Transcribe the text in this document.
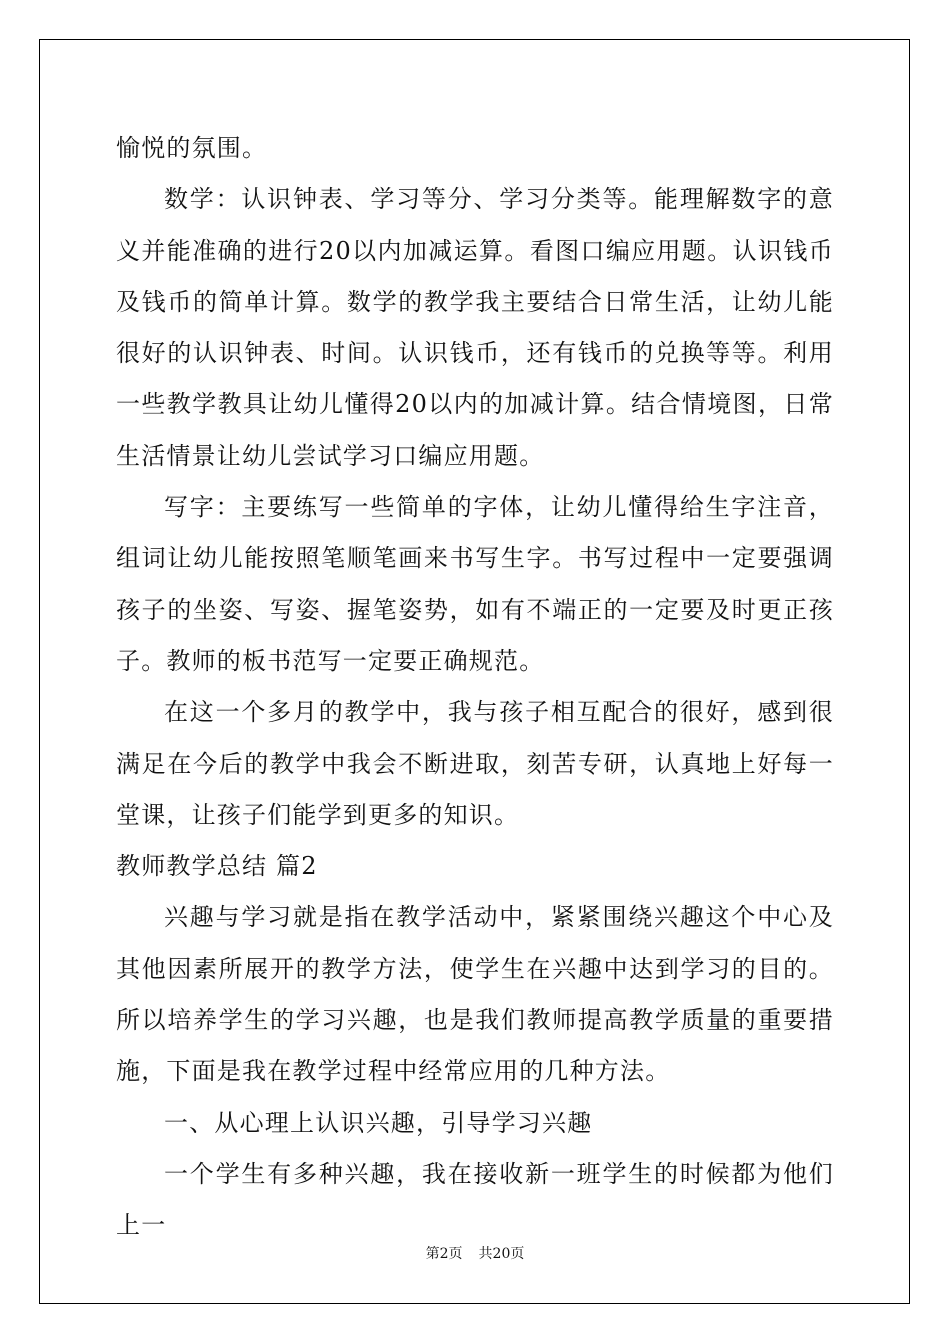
愉悦的氛围。

数学：认识钟表、学习等分、学习分类等。能理解数字的意义并能准确的进行20以内加减运算。看图口编应用题。认识钱币及钱币的简单计算。数学的教学我主要结合日常生活，让幼儿能很好的认识钟表、时间。认识钱币，还有钱币的兑换等等。利用一些教学教具让幼儿懂得20以内的加减计算。结合情境图，日常生活情景让幼儿尝试学习口编应用题。

写字：主要练写一些简单的字体，让幼儿懂得给生字注音，组词让幼儿能按照笔顺笔画来书写生字。书写过程中一定要强调孩子的坐姿、写姿、握笔姿势，如有不端正的一定要及时更正孩子。教师的板书范写一定要正确规范。

在这一个多月的教学中，我与孩子相互配合的很好，感到很满足在今后的教学中我会不断进取，刻苦专研，认真地上好每一堂课，让孩子们能学到更多的知识。

教师教学总结 篇2

兴趣与学习就是指在教学活动中，紧紧围绕兴趣这个中心及其他因素所展开的教学方法，使学生在兴趣中达到学习的目的。所以培养学生的学习兴趣，也是我们教师提高教学质量的重要措施，下面是我在教学过程中经常应用的几种方法。

一、从心理上认识兴趣，引导学习兴趣

一个学生有多种兴趣，我在接收新一班学生的时候都为他们上一

第2页 共20页
